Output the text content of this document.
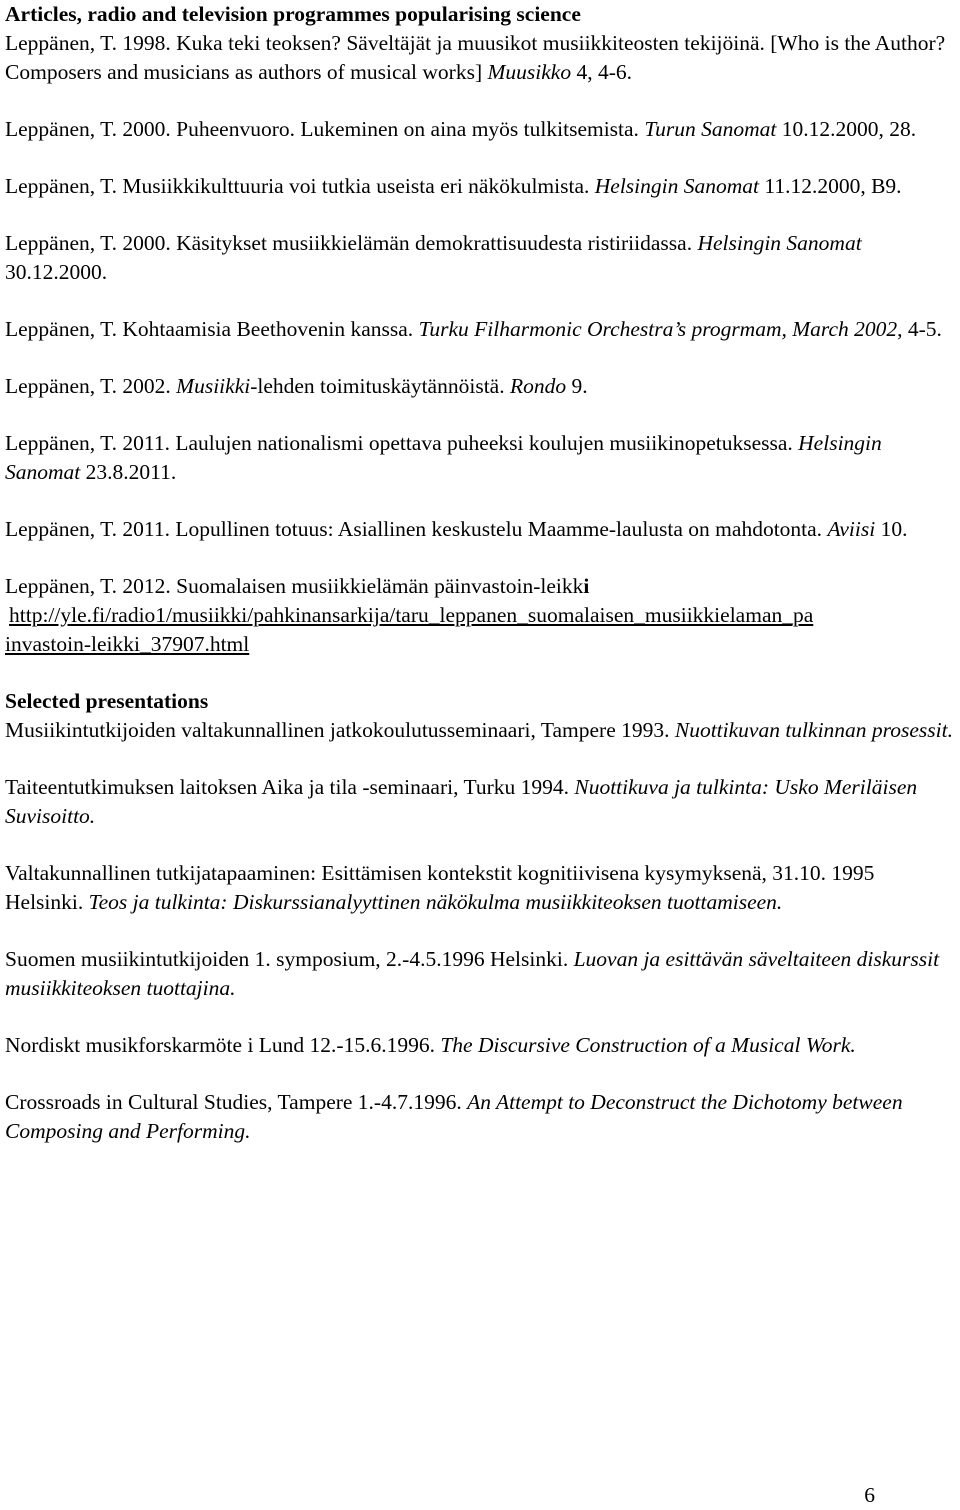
Articles, radio and television programmes popularising science

Leppänen, T. 1998. Kuka teki teoksen? Säveltäjät ja muusikot musiikkiteosten tekijöinä. [Who is the Author? Composers and musicians as authors of musical works] Muusikko 4, 4-6.

Leppänen, T. 2000. Puheenvuoro. Lukeminen on aina myös tulkitsemista. Turun Sanomat 10.12.2000, 28.

Leppänen, T. Musiikkikulttuuria voi tutkia useista eri näkökulmista. Helsingin Sanomat 11.12.2000, B9.

Leppänen, T. 2000. Käsitykset musiikkielämän demokrattisuudesta ristiriidassa. Helsingin Sanomat 30.12.2000.

Leppänen, T. Kohtaamisia Beethovenin kanssa. Turku Filharmonic Orchestra’s progrmam, March 2002, 4-5.

Leppänen, T. 2002. Musiikki-lehden toimituskäytännöistä. Rondo 9.

Leppänen, T. 2011. Laulujen nationalismi opettava puheeksi koulujen musiikinopetuksessa. Helsingin Sanomat 23.8.2011.

Leppänen, T. 2011. Lopullinen totuus: Asiallinen keskustelu Maamme-laulusta on mahdotonta. Aviisi 10.

Leppänen, T. 2012. Suomalaisen musiikkielämän päinvastoin-leikki
http://yle.fi/radio1/musiikki/pahkinansarkija/taru_leppanen_suomalaisen_musiikkielaman_pa
invastoin-leikki_37907.html

Selected presentations

Musiikintutkijoiden valtakunnallinen jatkokoulutusseminaari, Tampere 1993. Nuottikuvan tulkinnan prosessit.

Taiteentutkimuksen laitoksen Aika ja tila -seminaari, Turku 1994. Nuottikuva ja tulkinta: Usko Meriläisen Suvisoitto.

Valtakunnallinen tutkijatapaaminen: Esittämisen kontekstit kognitiivisena kysymyksenä, 31.10. 1995 Helsinki. Teos ja tulkinta: Diskurssianalyyttinen näkökulma musiikkiteoksen tuottamiseen.

Suomen musiikintutkijoiden 1. symposium, 2.-4.5.1996 Helsinki. Luovan ja esittävän säveltaiteen diskurssit musiikkiteoksen tuottajina.

Nordiskt musikforskarmöte i Lund 12.-15.6.1996. The Discursive Construction of a Musical Work.

Crossroads in Cultural Studies, Tampere 1.-4.7.1996. An Attempt to Deconstruct the Dichotomy between Composing and Performing.

6
